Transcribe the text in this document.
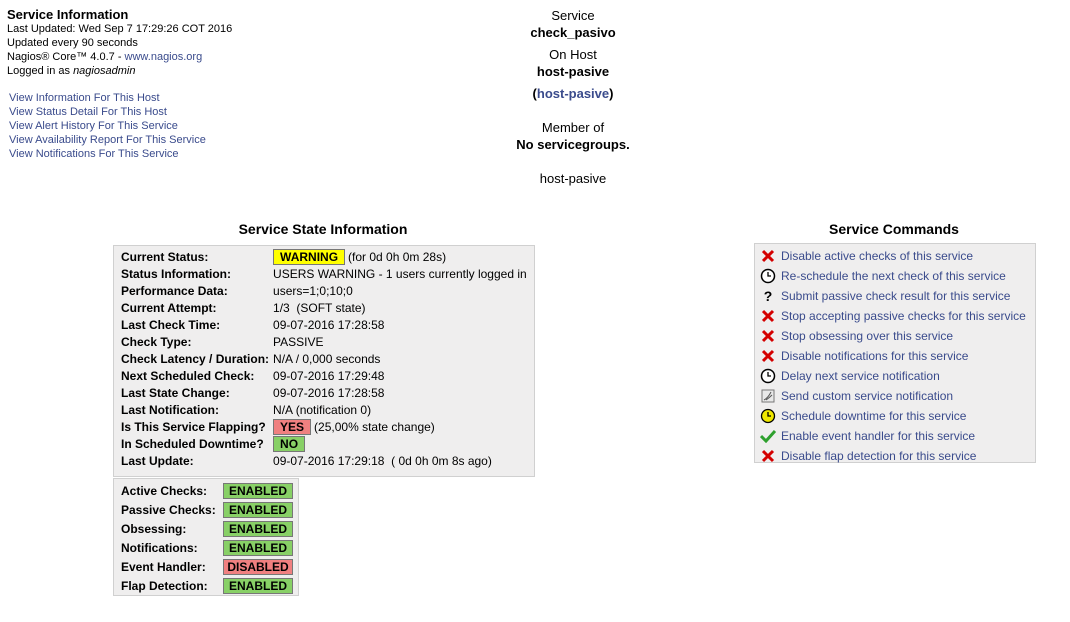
Service Information
Last Updated: Wed Sep 7 17:29:26 COT 2016
Updated every 90 seconds
Nagios® Core™ 4.0.7 - www.nagios.org
Logged in as nagiosadmin
View Information For This Host
View Status Detail For This Host
View Alert History For This Service
View Availability Report For This Service
View Notifications For This Service
Service
check_pasivo
On Host
host-pasive
(host-pasive)
Member of
No servicegroups.
host-pasive
Service State Information
Current Status:	WARNING (for 0d 0h 0m 28s)
Status Information:	USERS WARNING - 1 users currently logged in
Performance Data:	users=1;0;10;0
Current Attempt:	1/3  (SOFT state)
Last Check Time:	09-07-2016 17:28:58
Check Type:	PASSIVE
Check Latency / Duration:	N/A / 0,000 seconds
Next Scheduled Check:	09-07-2016 17:29:48
Last State Change:	09-07-2016 17:28:58
Last Notification:	N/A (notification 0)
Is This Service Flapping?	YES (25,00% state change)
In Scheduled Downtime?	NO
Last Update:	09-07-2016 17:29:18  ( 0d 0h 0m 8s ago)
Active Checks:	ENABLED
Passive Checks:	ENABLED
Obsessing:	ENABLED
Notifications:	ENABLED
Event Handler:	DISABLED
Flap Detection:	ENABLED
Service Commands
Disable active checks of this service
Re-schedule the next check of this service
? Submit passive check result for this service
Stop accepting passive checks for this service
Stop obsessing over this service
Disable notifications for this service
Delay next service notification
Send custom service notification
Schedule downtime for this service
Enable event handler for this service
Disable flap detection for this service
